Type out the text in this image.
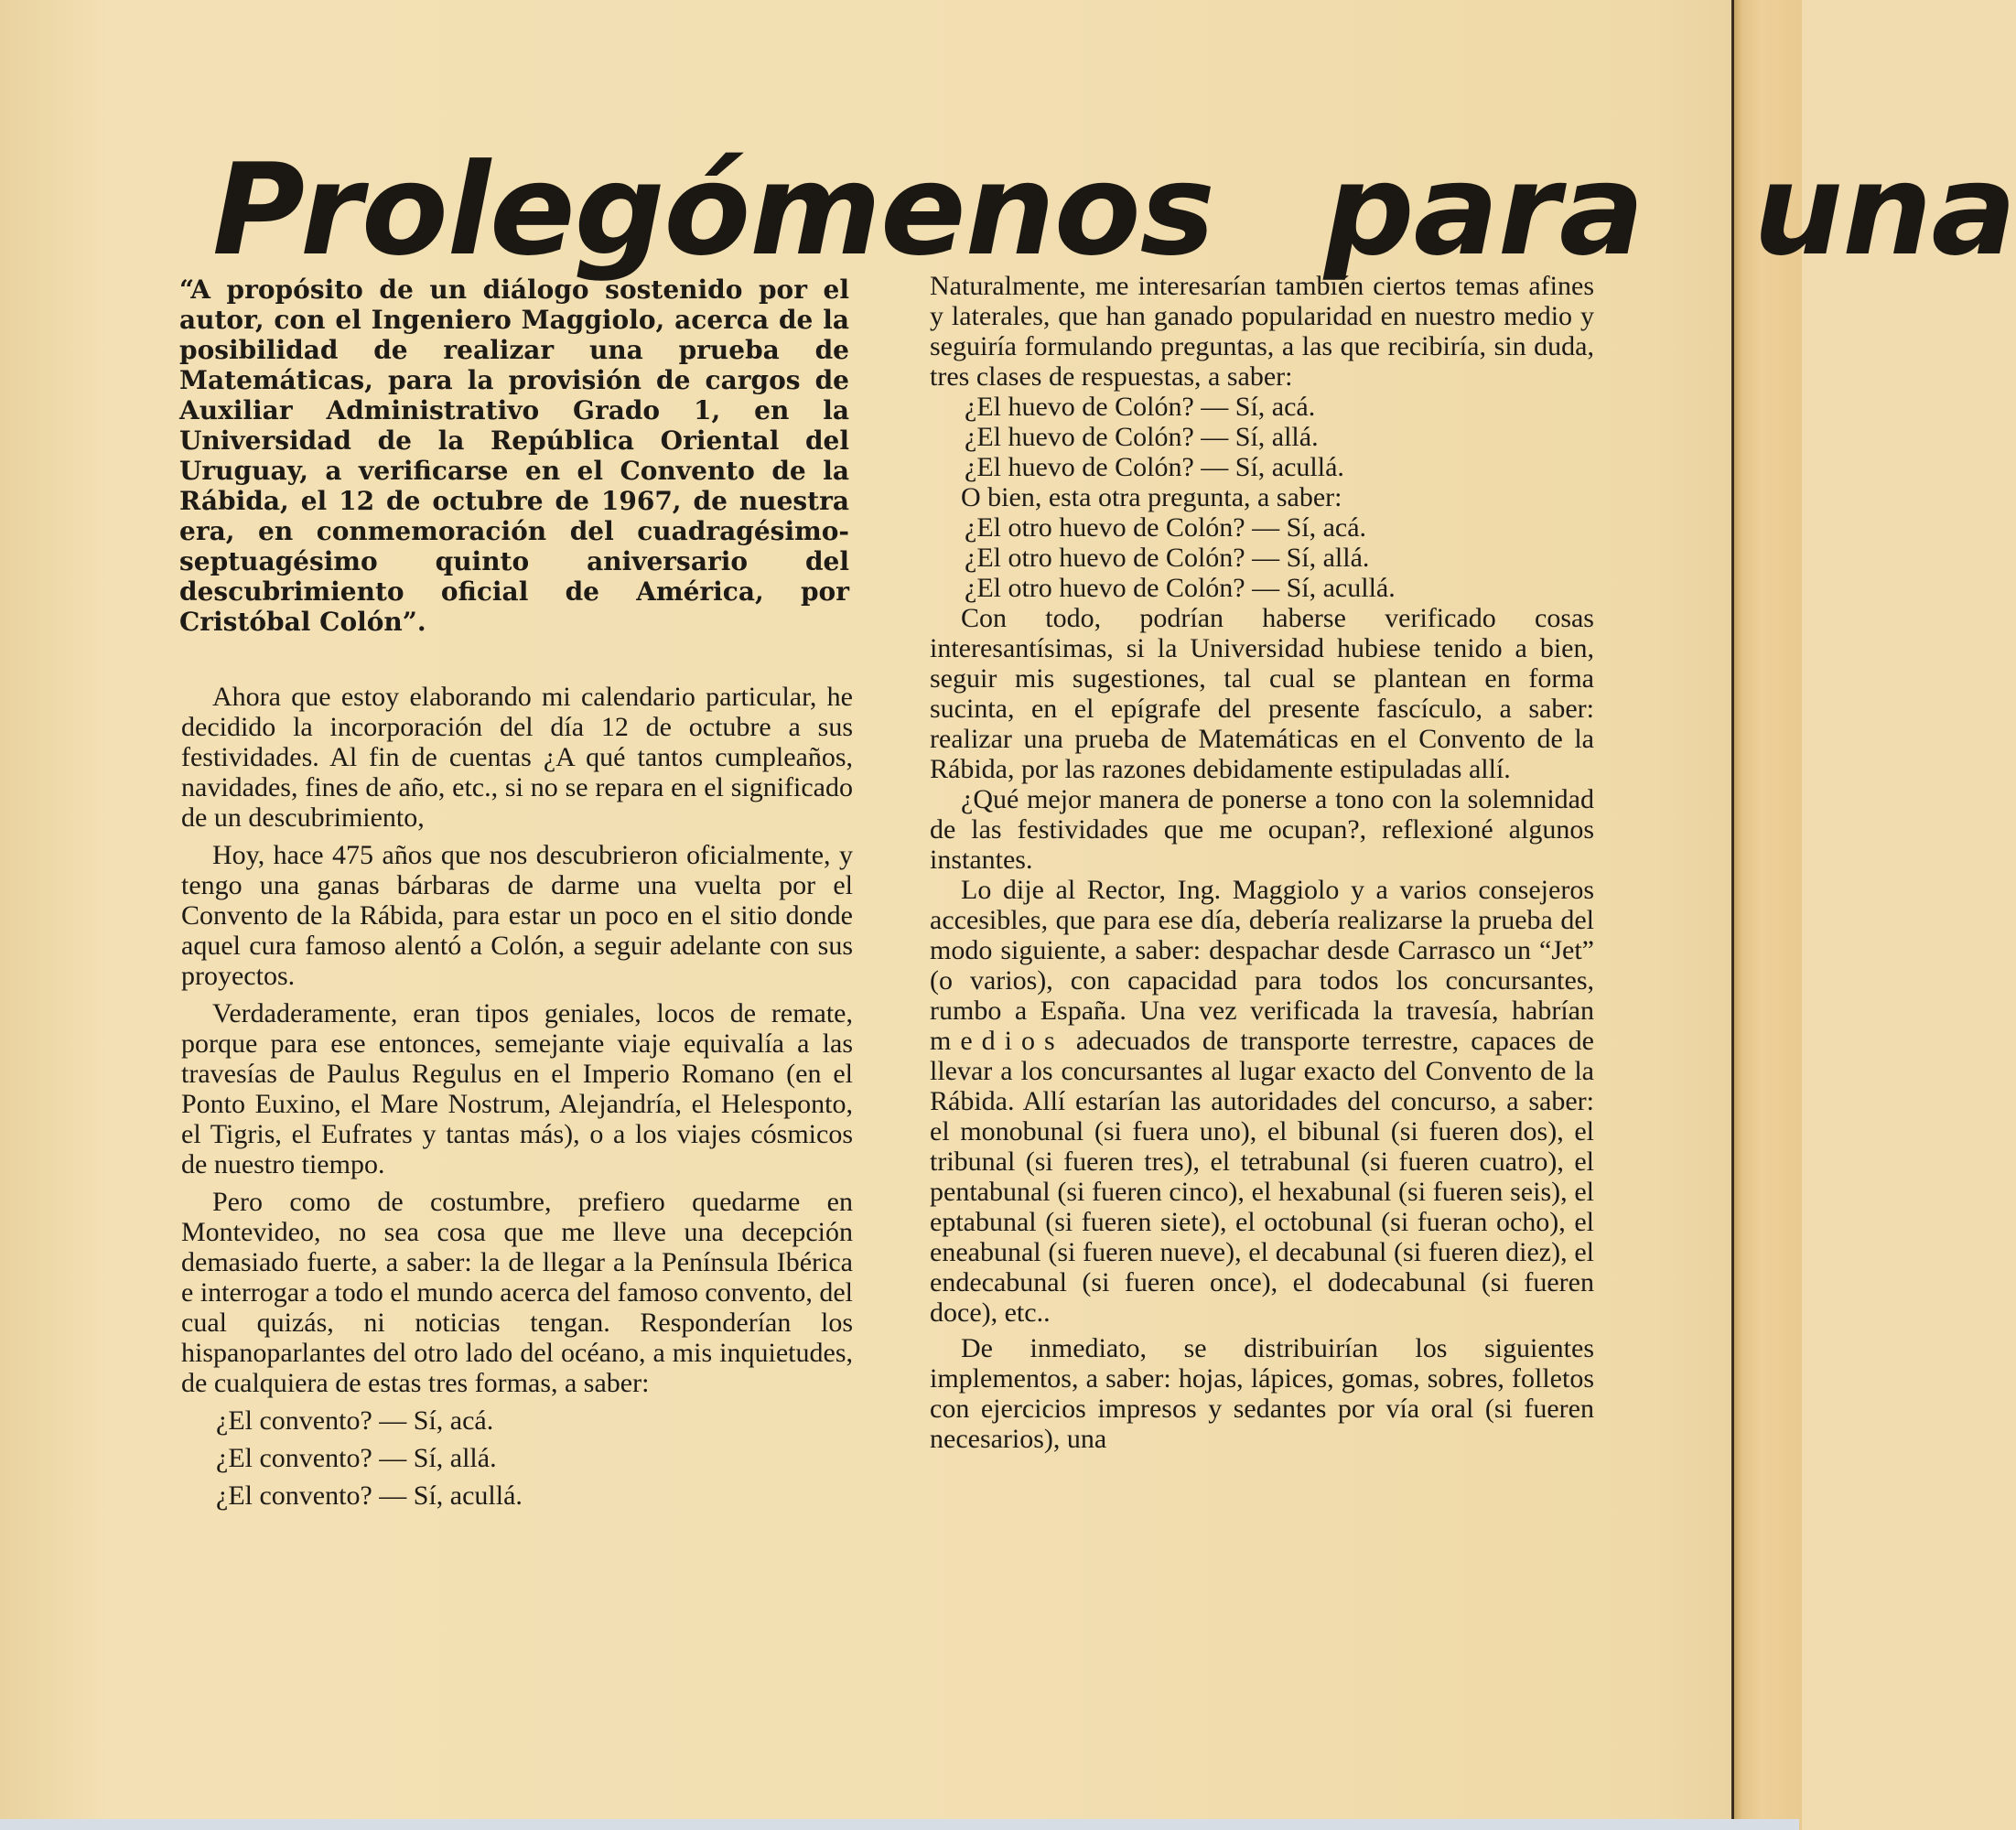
Prolegómenos para una
“A propósito de un diálogo sostenido por el autor, con el Ingeniero Maggiolo, acerca de la posibilidad de realizar una prueba de Matemáticas, para la provisión de cargos de Auxiliar Administrativo Grado 1, en la Universidad de la República Oriental del Uruguay, a verificarse en el Convento de la Rábida, el 12 de octubre de 1967, de nuestra era, en conmemoración del cuadragésimo-septuagésimo quinto aniversario del descubrimiento oficial de América, por Cristóbal Colón”.

Ahora que estoy elaborando mi calendario particular, he decidido la incorporación del día 12 de octubre a sus festividades. Al fin de cuentas ¿A qué tantos cumpleaños, navidades, fines de año, etc., si no se repara en el significado de un descubrimiento,

Hoy, hace 475 años que nos descubrieron oficialmente, y tengo una ganas bárbaras de darme una vuelta por el Convento de la Rábida, para estar un poco en el sitio donde aquel cura famoso alentó a Colón, a seguir adelante con sus proyectos.

Verdaderamente, eran tipos geniales, locos de remate, porque para ese entonces, semejante viaje equivalía a las travesías de Paulus Regulus en el Imperio Romano (en el Ponto Euxino, el Mare Nostrum, Alejandría, el Helesponto, el Tigris, el Eufrates y tantas más), o a los viajes cósmicos de nuestro tiempo.

Pero como de costumbre, prefiero quedarme en Montevideo, no sea cosa que me lleve una decepción demasiado fuerte, a saber: la de llegar a la Península Ibérica e interrogar a todo el mundo acerca del famoso convento, del cual quizás, ni noticias tengan. Responderían los hispanoparlantes del otro lado del océano, a mis inquietudes, de cualquiera de estas tres formas, a saber:

¿El convento? — Sí, acá.

¿El convento? — Sí, allá.

¿El convento? — Sí, acullá.

Naturalmente, me interesarían también ciertos temas afines y laterales, que han ganado popularidad en nuestro medio y seguiría formulando preguntas, a las que recibiría, sin duda, tres clases de respuestas, a saber:

¿El huevo de Colón? — Sí, acá.

¿El huevo de Colón? — Sí, allá.

¿El huevo de Colón? — Sí, acullá.

O bien, esta otra pregunta, a saber:

¿El otro huevo de Colón? — Sí, acá.

¿El otro huevo de Colón? — Sí, allá.

¿El otro huevo de Colón? — Sí, acullá.

Con todo, podrían haberse verificado cosas interesantísimas, si la Universidad hubiese tenido a bien, seguir mis sugestiones, tal cual se plantean en forma sucinta, en el epígrafe del presente fascículo, a saber: realizar una prueba de Matemáticas en el Convento de la Rábida, por las razones debidamente estipuladas allí.

¿Qué mejor manera de ponerse a tono con la solemnidad de las festividades que me ocupan?, reflexioné algunos instantes.

Lo dije al Rector, Ing. Maggiolo y a varios consejeros accesibles, que para ese día, debería realizarse la prueba del modo siguiente, a saber: despachar desde Carrasco un “Jet” (o varios), con capacidad para todos los concursantes, rumbo a España. Una vez verificada la travesía, habrían medios adecuados de transporte terrestre, capaces de llevar a los concursantes al lugar exacto del Convento de la Rábida. Allí estarían las autoridades del concurso, a saber: el monobunal (si fuera uno), el bibunal (si fueren dos), el tribunal (si fueren tres), el tetrabunal (si fueren cuatro), el pentabunal (si fueren cinco), el hexabunal (si fueren seis), el eptabunal (si fueren siete), el octobunal (si fueran ocho), el eneabunal (si fueren nueve), el decabunal (si fueren diez), el endecabunal (si fueren once), el dodecabunal (si fueren doce), etc..

De inmediato, se distribuirían los siguientes implementos, a saber: hojas, lápices, gomas, sobres, folletos con ejercicios impresos y sedantes por vía oral (si fueren necesarios), una
